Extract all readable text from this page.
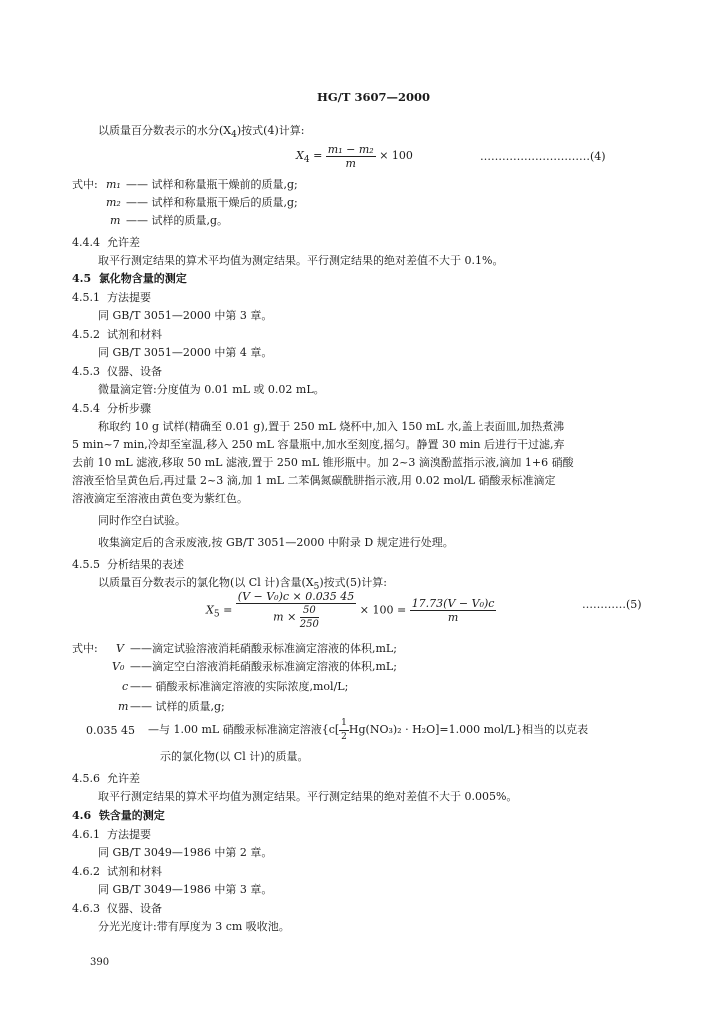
HG/T 3607—2000
以质量百分数表示的水分$(X_4)$按式(4)计算:
$X_4 = \frac{\text{m₁ − m₂}}{m} \times 100$	…………………………(4)
式中: m₁ —— 试样和称量瓶干燥前的质量,g;
m₂ —— 试样和称量瓶干燥后的质量,g;
m —— 试样的质量,g。
4.4.4 允许差
取平行测定结果的算术平均值为测定结果。平行测定结果的绝对差值不大于 0.1%。
4.5 氯化物含量的测定
4.5.1 方法提要
同 GB/T 3051—2000 中第 3 章。
4.5.2 试剂和材料
同 GB/T 3051—2000 中第 4 章。
4.5.3 仪器、设备
微量滴定管:分度值为 0.01 mL 或 0.02 mL。
4.5.4 分析步骤
称取约 10 g 试样(精确至 0.01 g),置于 250 mL 烧杯中,加入 150 mL 水,盖上表面皿,加热煮沸
5 min~7 min,冷却至室温,移入 250 mL 容量瓶中,加水至刻度,摇匀。静置 30 min 后进行干过滤,弃
去前 10 mL 滤液,移取 50 mL 滤液,置于 250 mL 锥形瓶中。加 2~3 滴溴酚蓝指示液,滴加 1+6 硝酸
溶液至恰呈黄色后,再过量 2~3 滴,加 1 mL 二苯偶氮碳酰肼指示液,用 0.02 mol/L 硝酸汞标准滴定
溶液滴定至溶液由黄色变为紫红色。
同时作空白试验。
收集滴定后的含汞废液,按 GB/T 3051—2000 中附录 D 规定进行处理。
4.5.5 分析结果的表述
以质量百分数表示的氯化物(以 Cl 计)含量$(X_5)$按式(5)计算:
$X_5 = \frac{\text{(V − V₀)c × 0.035 45}}{m \times \frac{50}{250}} \times 100 = \frac{\text{17.73(V − V₀)c}}{m}$	…………(5)
式中: V ——滴定试验溶液消耗硝酸汞标准滴定溶液的体积,mL;
V₀ ——滴定空白溶液消耗硝酸汞标准滴定溶液的体积,mL;
c —— 硝酸汞标准滴定溶液的实际浓度,mol/L;
m —— 试样的质量,g;
0.035 45 —与 1.00 mL 硝酸汞标准滴定溶液{$c[ \frac{1}{2} Hg(NO_3)_2 \cdot H_2O]=1.000$ mol/L}相当的以克表
示的氯化物(以 Cl 计)的质量。
4.5.6 允许差
取平行测定结果的算术平均值为测定结果。平行测定结果的绝对差值不大于 0.005%。
4.6 铁含量的测定
4.6.1 方法提要
同 GB/T 3049—1986 中第 2 章。
4.6.2 试剂和材料
同 GB/T 3049—1986 中第 3 章。
4.6.3 仪器、设备
分光光度计:带有厚度为 3 cm 吸收池。
390
